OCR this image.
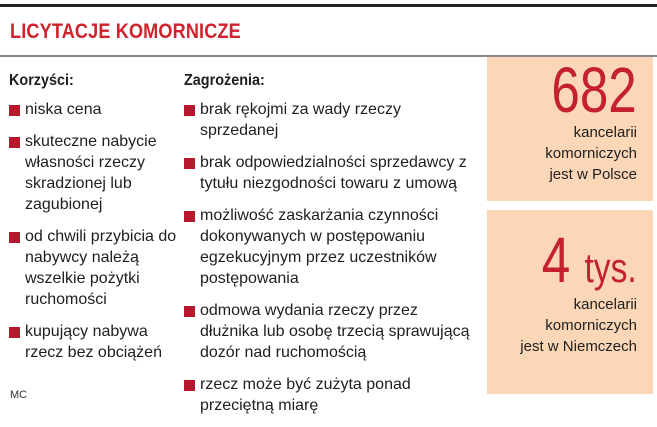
LICYTACJE KOMORNICZE
Korzyści:
niska cena
skuteczne nabycie własności rzeczy skradzionej lub zagubionej
od chwili przybicia do nabywcy należą wszelkie pożytki ruchomości
kupujący nabywa rzecz bez obciążeń
Zagrożenia:
brak rękojmi za wady rzeczy sprzedanej
brak odpowiedzialności sprzedawcy z tytułu niezgodności towaru z umową
możliwość zaskarżania czynności dokonywanych w postępowaniu egzekucyjnym przez uczestników postępowania
odmowa wydania rzeczy przez dłużnika lub osobę trzecią sprawującą dozór nad ruchomością
rzecz może być zużyta ponad przeciętną miarę
682
kancelarii
komorniczych
jest w Polsce
4 tys.
kancelarii
komorniczych
jest w Niemczech
MC
